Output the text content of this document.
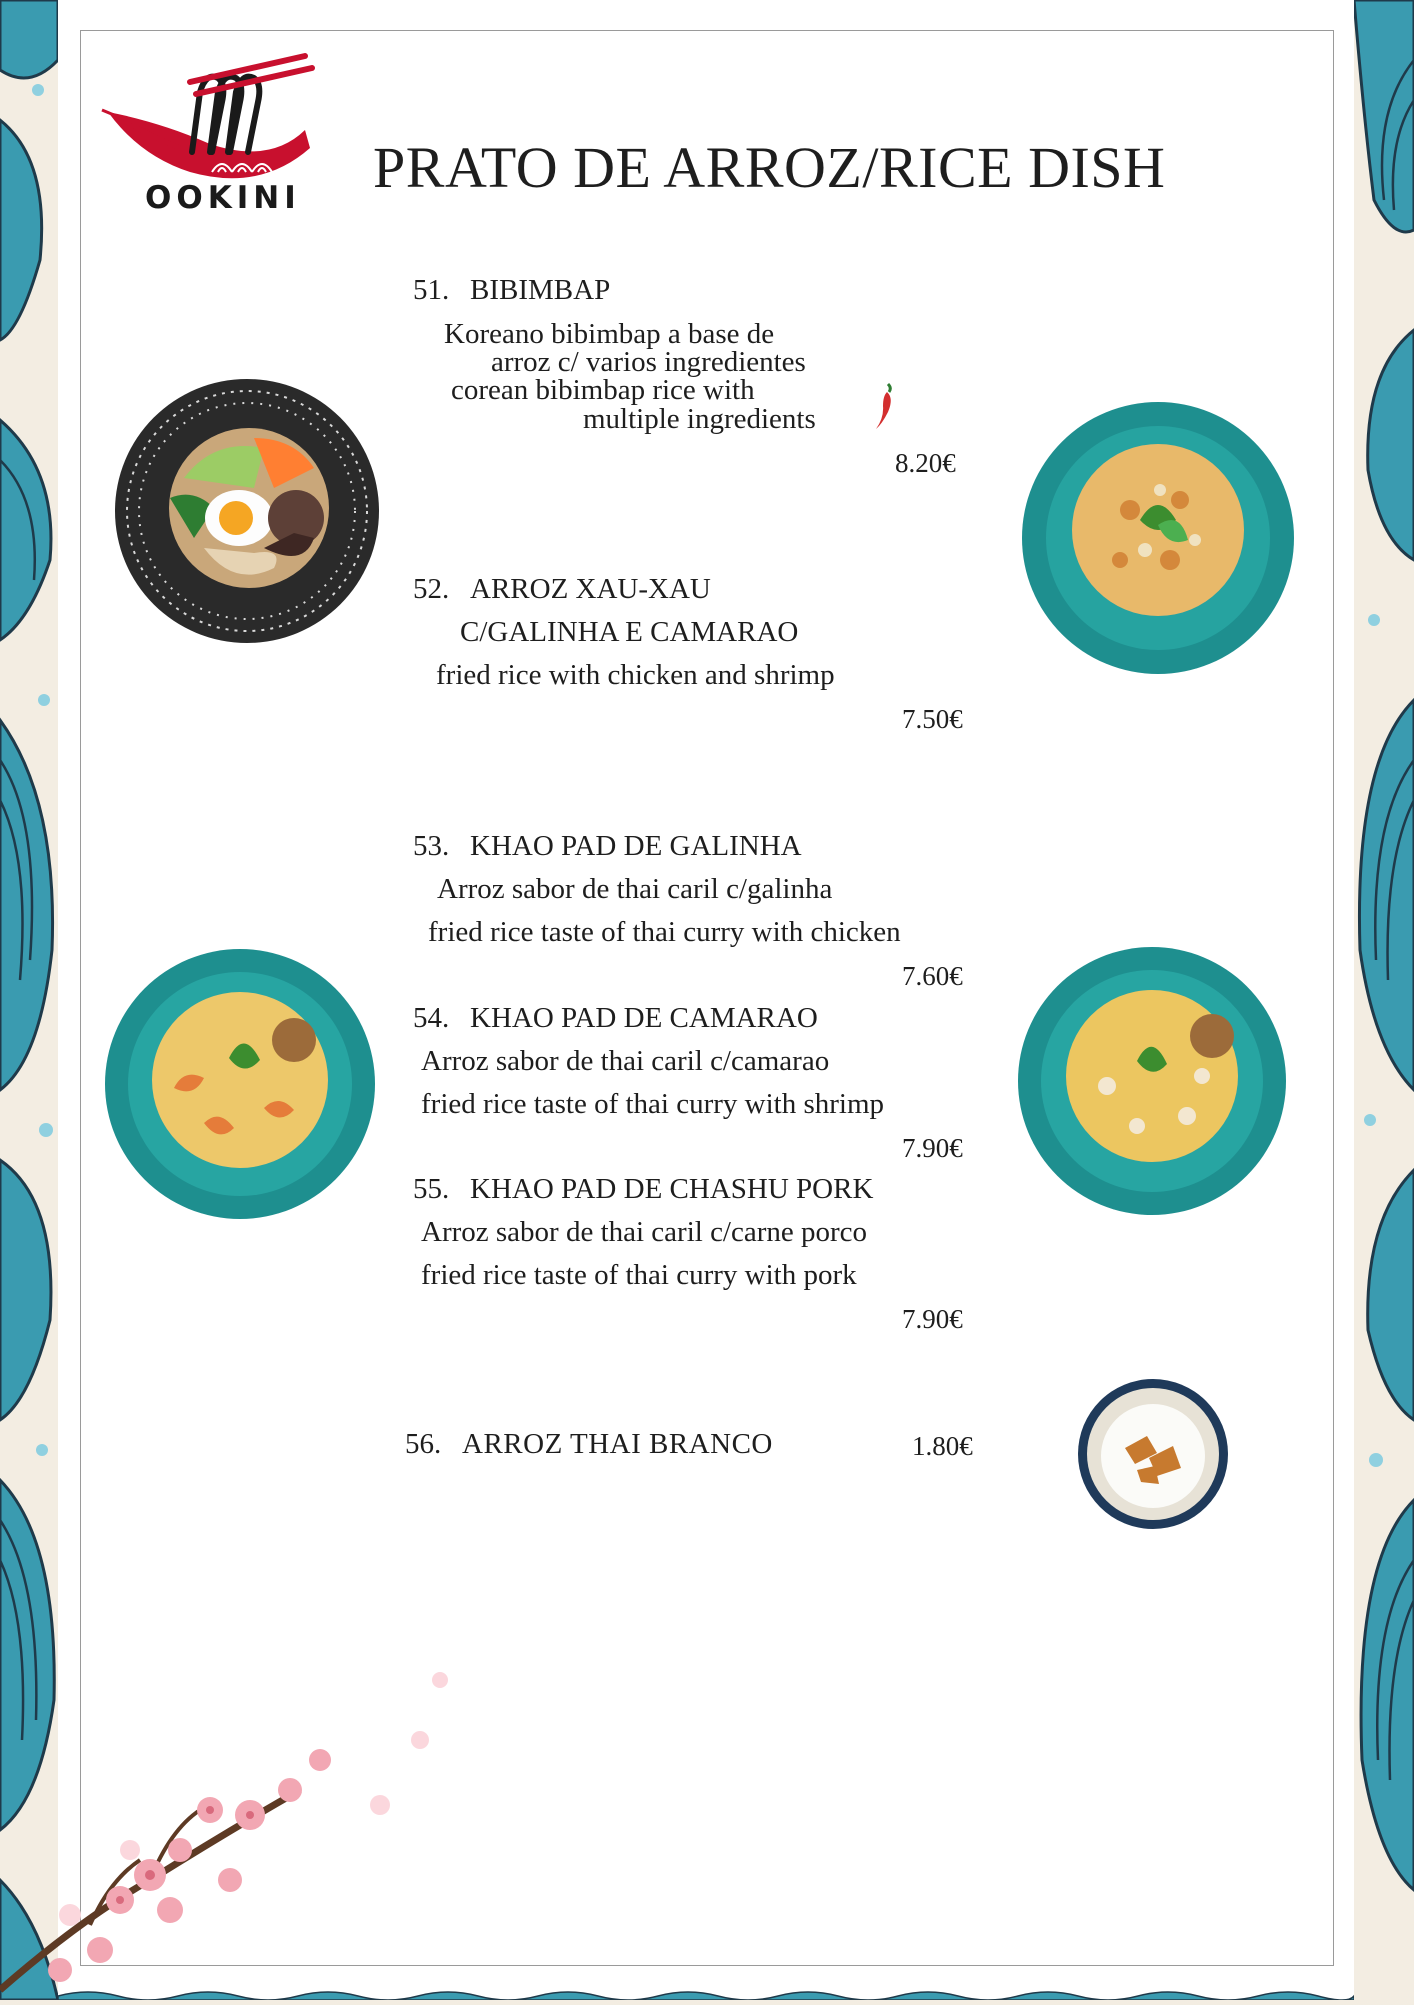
OOKINI PRATO DE ARROZ/RICE DISH
51. BIBIMBAP
Koreano bibimbap a base de
arroz c/ varios ingredientes
corean bibimbap rice with
multiple ingredients
8.20€
52. ARROZ XAU-XAU
C/GALINHA E CAMARAO
fried rice with chicken and shrimp
7.50€
53. KHAO PAD DE GALINHA
Arroz sabor de thai caril c/galinha
fried rice taste of thai curry with chicken
7.60€
54. KHAO PAD DE CAMARAO
Arroz sabor de thai caril c/camarao
fried rice taste of thai curry with shrimp
7.90€
55. KHAO PAD DE CHASHU PORK
Arroz sabor de thai caril c/carne porco
fried rice taste of thai curry with pork
7.90€
56. ARROZ THAI BRANCO	1.80€
